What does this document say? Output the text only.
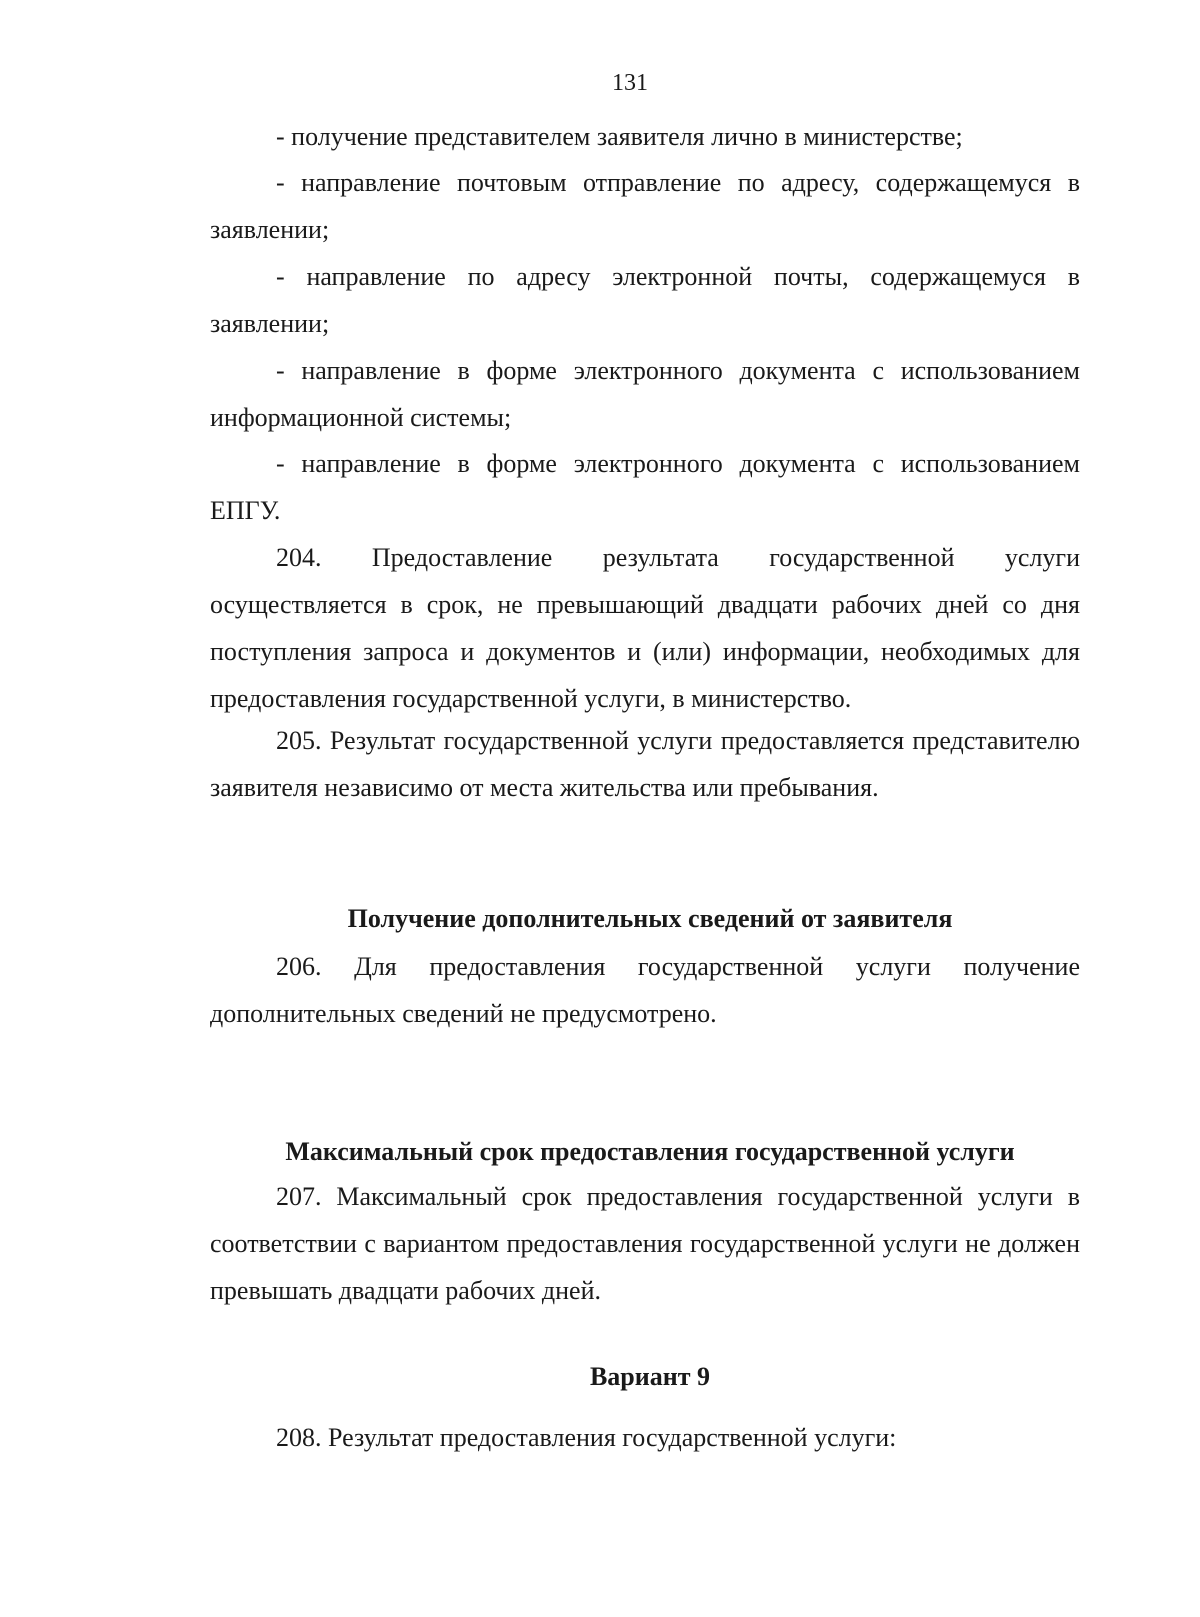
131
- получение представителем заявителя лично в министерстве;
- направление почтовым отправление по адресу, содержащемуся в заявлении;
- направление по адресу электронной почты, содержащемуся в заявлении;
- направление в форме электронного документа с использованием информационной системы;
- направление в форме электронного документа с использованием ЕПГУ.
204. Предоставление результата государственной услуги осуществляется в срок, не превышающий двадцати рабочих дней со дня поступления запроса и документов и (или) информации, необходимых для предоставления государственной услуги, в министерство.
205. Результат государственной услуги предоставляется представителю заявителя независимо от места жительства или пребывания.
Получение дополнительных сведений от заявителя
206. Для предоставления государственной услуги получение дополнительных сведений не предусмотрено.
Максимальный срок предоставления государственной услуги
207. Максимальный срок предоставления государственной услуги в соответствии с вариантом предоставления государственной услуги не должен превышать двадцати рабочих дней.
Вариант 9
208. Результат предоставления государственной услуги:
